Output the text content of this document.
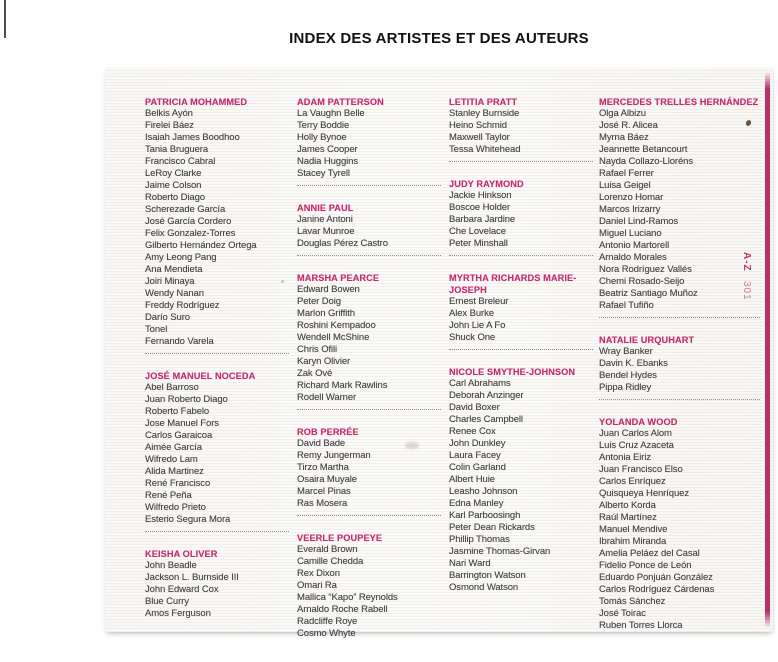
INDEX DES ARTISTES ET DES AUTEURS
PATRICIA MOHAMMED
Belkis Ayón
Firelei Báez
Isaiah James Boodhoo
Tania Bruguera
Francisco Cabral
LeRoy Clarke
Jaime Colson
Roberto Diago
Scherezade García
José García Cordero
Felix Gonzalez-Torres
Gilberto Hernández Ortega
Amy Leong Pang
Ana Mendieta
Joiri Minaya
Wendy Nanan
Freddy Rodríguez
Darío Suro
Tonel
Fernando Varela
JOSÉ MANUEL NOCEDA
Abel Barroso
Juan Roberto Diago
Roberto Fabelo
Jose Manuel Fors
Carlos Garaicoa
Aimée García
Wifredo Lam
Alida Martinez
René Francisco
René Peña
Wilfredo Prieto
Esterio Segura Mora
KEISHA OLIVER
John Beadle
Jackson L. Burnside III
John Edward Cox
Blue Curry
Amos Ferguson
ADAM PATTERSON
La Vaughn Belle
Terry Boddie
Holly Bynoe
James Cooper
Nadia Huggins
Stacey Tyrell
ANNIE PAUL
Janine Antoni
Lavar Munroe
Douglas Pérez Castro
MARSHA PEARCE
Edward Bowen
Peter Doig
Marlon Griffith
Roshini Kempadoo
Wendell McShine
Chris Ofili
Karyn Olivier
Zak Ové
Richard Mark Rawlins
Rodell Warner
ROB PERRÉE
David Bade
Remy Jungerman
Tirzo Martha
Osaira Muyale
Marcel Pinas
Ras Mosera
VEERLE POUPEYE
Everald Brown
Camille Chedda
Rex Dixon
Omari Ra
Mallica “Kapo” Reynolds
Arnaldo Roche Rabell
Radcliffe Roye
Cosmo Whyte
LETITIA PRATT
Stanley Burnside
Heino Schmid
Maxwell Taylor
Tessa Whitehead
JUDY RAYMOND
Jackie Hinkson
Boscoe Holder
Barbara Jardine
Che Lovelace
Peter Minshall
MYRTHA RICHARDS MARIE-JOSEPH
Ernest Breleur
Alex Burke
John Lie A Fo
Shuck One
NICOLE SMYTHE-JOHNSON
Carl Abrahams
Deborah Anzinger
David Boxer
Charles Campbell
Renee Cox
John Dunkley
Laura Facey
Colin Garland
Albert Huie
Leasho Johnson
Edna Manley
Karl Parboosingh
Peter Dean Rickards
Phillip Thomas
Jasmine Thomas-Girvan
Nari Ward
Barrington Watson
Osmond Watson
MERCEDES TRELLES HERNÁNDEZ
Olga Albizu
José R. Alicea
Myrna Báez
Jeannette Betancourt
Nayda Collazo-Lloréns
Rafael Ferrer
Luisa Geigel
Lorenzo Homar
Marcos Irizarry
Daniel Lind-Ramos
Miguel Luciano
Antonio Martorell
Arnaldo Morales
Nora Rodríguez Vallés
Chemi Rosado-Seijo
Beatriz Santiago Muñoz
Rafael Tufiño
NATALIE URQUHART
Wray Banker
Davin K. Ebanks
Bendel Hydes
Pippa Ridley
YOLANDA WOOD
Juan Carlos Alom
Luis Cruz Azaceta
Antonia Eiriz
Juan Francisco Elso
Carlos Enríquez
Quisqueya Henríquez
Alberto Korda
Raúl Martínez
Manuel Mendive
Ibrahim Miranda
Amelia Peláez del Casal
Fidelio Ponce de León
Eduardo Ponjuán González
Carlos Rodríguez Cárdenas
Tomás Sánchez
José Toirac
Ruben Torres Llorca
A-Z 301
